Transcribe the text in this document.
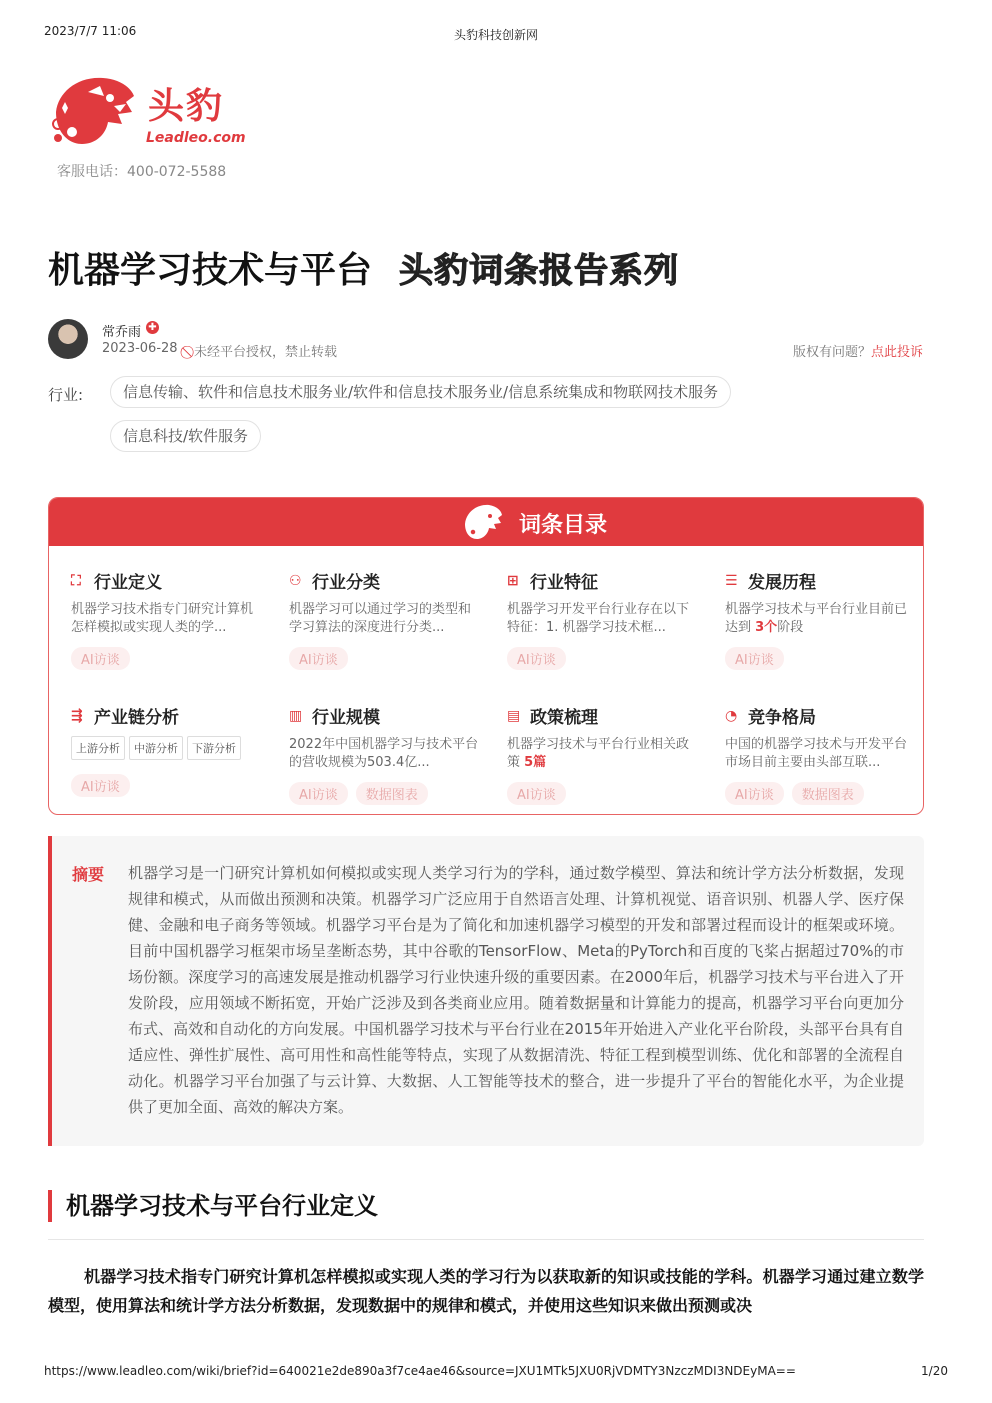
2023/7/7 11:06	头豹科技创新网
头豹
Leadleo.com
客服电话：400-072-5588
机器学习技术与平台 头豹词条报告系列
常乔雨 ✚
2023-06-28	未经平台授权，禁止转载	版权有问题？点此投诉
行业:	信息传输、软件和信息技术服务业/软件和信息技术服务业/信息系统集成和物联网技术服务
信息科技/软件服务
词条目录
⛶ 行业定义
机器学习技术指专门研究计算机怎样模拟或实现人类的学...
AI访谈
⚇ 行业分类
机器学习可以通过学习的类型和学习算法的深度进行分类...
AI访谈
⊞ 行业特征
机器学习开发平台行业存在以下特征：1. 机器学习技术框...
AI访谈
☰ 发展历程
机器学习技术与平台行业目前已达到 3个阶段
AI访谈
⇶ 产业链分析
上游分析	中游分析	下游分析
AI访谈
▥ 行业规模
2022年中国机器学习与技术平台的营收规模为503.4亿...
AI访谈	数据图表
▤ 政策梳理
机器学习技术与平台行业相关政策 5篇
AI访谈
◔ 竞争格局
中国的机器学习技术与开发平台市场目前主要由头部互联...
AI访谈	数据图表
摘要 机器学习是一门研究计算机如何模拟或实现人类学习行为的学科，通过数学模型、算法和统计学方法分析数据，发现规律和模式，从而做出预测和决策。机器学习广泛应用于自然语言处理、计算机视觉、语音识别、机器人学、医疗保健、金融和电子商务等领域。机器学习平台是为了简化和加速机器学习模型的开发和部署过程而设计的框架或环境。目前中国机器学习框架市场呈垄断态势，其中谷歌的TensorFlow、Meta的PyTorch和百度的飞桨占据超过70%的市场份额。深度学习的高速发展是推动机器学习行业快速升级的重要因素。在2000年后，机器学习技术与平台进入了开发阶段，应用领域不断拓宽，开始广泛涉及到各类商业应用。随着数据量和计算能力的提高，机器学习平台向更加分布式、高效和自动化的方向发展。中国机器学习技术与平台行业在2015年开始进入产业化平台阶段，头部平台具有自适应性、弹性扩展性、高可用性和高性能等特点，实现了从数据清洗、特征工程到模型训练、优化和部署的全流程自动化。机器学习平台加强了与云计算、大数据、人工智能等技术的整合，进一步提升了平台的智能化水平，为企业提供了更加全面、高效的解决方案。
机器学习技术与平台行业定义
机器学习技术指专门研究计算机怎样模拟或实现人类的学习行为以获取新的知识或技能的学科。机器学习通过建立数学模型，使用算法和统计学方法分析数据，发现数据中的规律和模式，并使用这些知识来做出预测或决
https://www.leadleo.com/wiki/brief?id=640021e2de890a3f7ce4ae46&source=JXU1MTk5JXU0RjVDMTY3NzczMDI3NDEyMA==	1/20
